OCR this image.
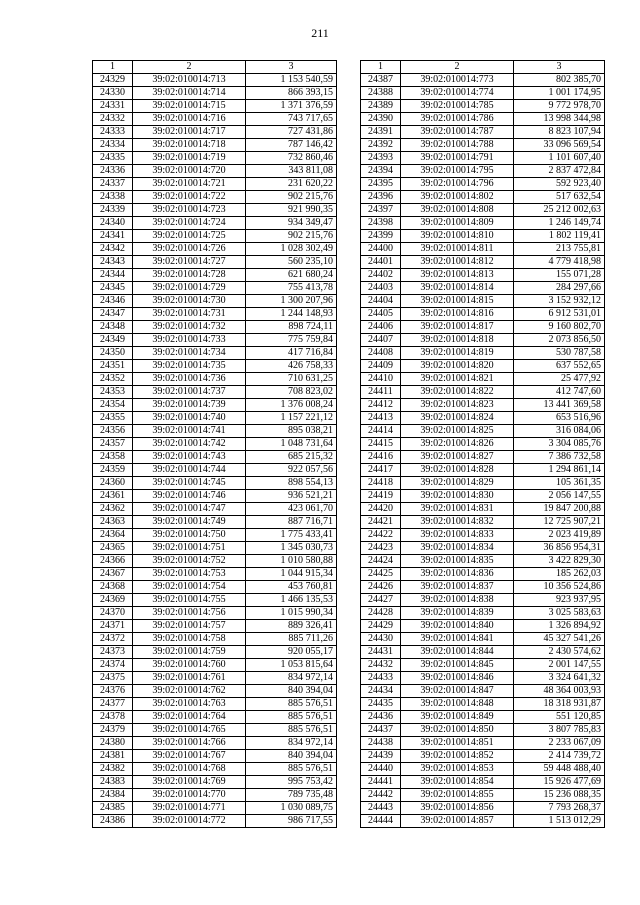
211
1	2	3
24329	39:02:010014:713	1 153 540,59
24330	39:02:010014:714	866 393,15
24331	39:02:010014:715	1 371 376,59
24332	39:02:010014:716	743 717,65
24333	39:02:010014:717	727 431,86
24334	39:02:010014:718	787 146,42
24335	39:02:010014:719	732 860,46
24336	39:02:010014:720	343 811,08
24337	39:02:010014:721	231 620,22
24338	39:02:010014:722	902 215,76
24339	39:02:010014:723	921 990,35
24340	39:02:010014:724	934 349,47
24341	39:02:010014:725	902 215,76
24342	39:02:010014:726	1 028 302,49
24343	39:02:010014:727	560 235,10
24344	39:02:010014:728	621 680,24
24345	39:02:010014:729	755 413,78
24346	39:02:010014:730	1 300 207,96
24347	39:02:010014:731	1 244 148,93
24348	39:02:010014:732	898 724,11
24349	39:02:010014:733	775 759,84
24350	39:02:010014:734	417 716,84
24351	39:02:010014:735	426 758,33
24352	39:02:010014:736	710 631,25
24353	39:02:010014:737	708 823,02
24354	39:02:010014:739	1 376 008,24
24355	39:02:010014:740	1 157 221,12
24356	39:02:010014:741	895 038,21
24357	39:02:010014:742	1 048 731,64
24358	39:02:010014:743	685 215,32
24359	39:02:010014:744	922 057,56
24360	39:02:010014:745	898 554,13
24361	39:02:010014:746	936 521,21
24362	39:02:010014:747	423 061,70
24363	39:02:010014:749	887 716,71
24364	39:02:010014:750	1 775 433,41
24365	39:02:010014:751	1 345 030,73
24366	39:02:010014:752	1 010 580,88
24367	39:02:010014:753	1 044 915,34
24368	39:02:010014:754	453 760,81
24369	39:02:010014:755	1 466 135,53
24370	39:02:010014:756	1 015 990,34
24371	39:02:010014:757	889 326,41
24372	39:02:010014:758	885 711,26
24373	39:02:010014:759	920 055,17
24374	39:02:010014:760	1 053 815,64
24375	39:02:010014:761	834 972,14
24376	39:02:010014:762	840 394,04
24377	39:02:010014:763	885 576,51
24378	39:02:010014:764	885 576,51
24379	39:02:010014:765	885 576,51
24380	39:02:010014:766	834 972,14
24381	39:02:010014:767	840 394,04
24382	39:02:010014:768	885 576,51
24383	39:02:010014:769	995 753,42
24384	39:02:010014:770	789 735,48
24385	39:02:010014:771	1 030 089,75
24386	39:02:010014:772	986 717,55
1	2	3
24387	39:02:010014:773	802 385,70
24388	39:02:010014:774	1 001 174,95
24389	39:02:010014:785	9 772 978,70
24390	39:02:010014:786	13 998 344,98
24391	39:02:010014:787	8 823 107,94
24392	39:02:010014:788	33 096 569,54
24393	39:02:010014:791	1 101 607,40
24394	39:02:010014:795	2 837 472,84
24395	39:02:010014:796	592 923,40
24396	39:02:010014:802	517 632,54
24397	39:02:010014:808	25 212 002,63
24398	39:02:010014:809	1 246 149,74
24399	39:02:010014:810	1 802 119,41
24400	39:02:010014:811	213 755,81
24401	39:02:010014:812	4 779 418,98
24402	39:02:010014:813	155 071,28
24403	39:02:010014:814	284 297,66
24404	39:02:010014:815	3 152 932,12
24405	39:02:010014:816	6 912 531,01
24406	39:02:010014:817	9 160 802,70
24407	39:02:010014:818	2 073 856,50
24408	39:02:010014:819	530 787,58
24409	39:02:010014:820	637 552,65
24410	39:02:010014:821	25 477,92
24411	39:02:010014:822	412 747,60
24412	39:02:010014:823	13 441 369,58
24413	39:02:010014:824	653 516,96
24414	39:02:010014:825	316 084,06
24415	39:02:010014:826	3 304 085,76
24416	39:02:010014:827	7 386 732,58
24417	39:02:010014:828	1 294 861,14
24418	39:02:010014:829	105 361,35
24419	39:02:010014:830	2 056 147,55
24420	39:02:010014:831	19 847 200,88
24421	39:02:010014:832	12 725 907,21
24422	39:02:010014:833	2 023 419,89
24423	39:02:010014:834	36 856 954,31
24424	39:02:010014:835	3 422 829,30
24425	39:02:010014:836	185 262,03
24426	39:02:010014:837	10 356 524,86
24427	39:02:010014:838	923 937,95
24428	39:02:010014:839	3 025 583,63
24429	39:02:010014:840	1 326 894,92
24430	39:02:010014:841	45 327 541,26
24431	39:02:010014:844	2 430 574,62
24432	39:02:010014:845	2 001 147,55
24433	39:02:010014:846	3 324 641,32
24434	39:02:010014:847	48 364 003,93
24435	39:02:010014:848	18 318 931,87
24436	39:02:010014:849	551 120,85
24437	39:02:010014:850	3 807 785,83
24438	39:02:010014:851	2 233 067,09
24439	39:02:010014:852	2 414 739,72
24440	39:02:010014:853	59 448 488,40
24441	39:02:010014:854	15 926 477,69
24442	39:02:010014:855	15 236 088,35
24443	39:02:010014:856	7 793 268,37
24444	39:02:010014:857	1 513 012,29
